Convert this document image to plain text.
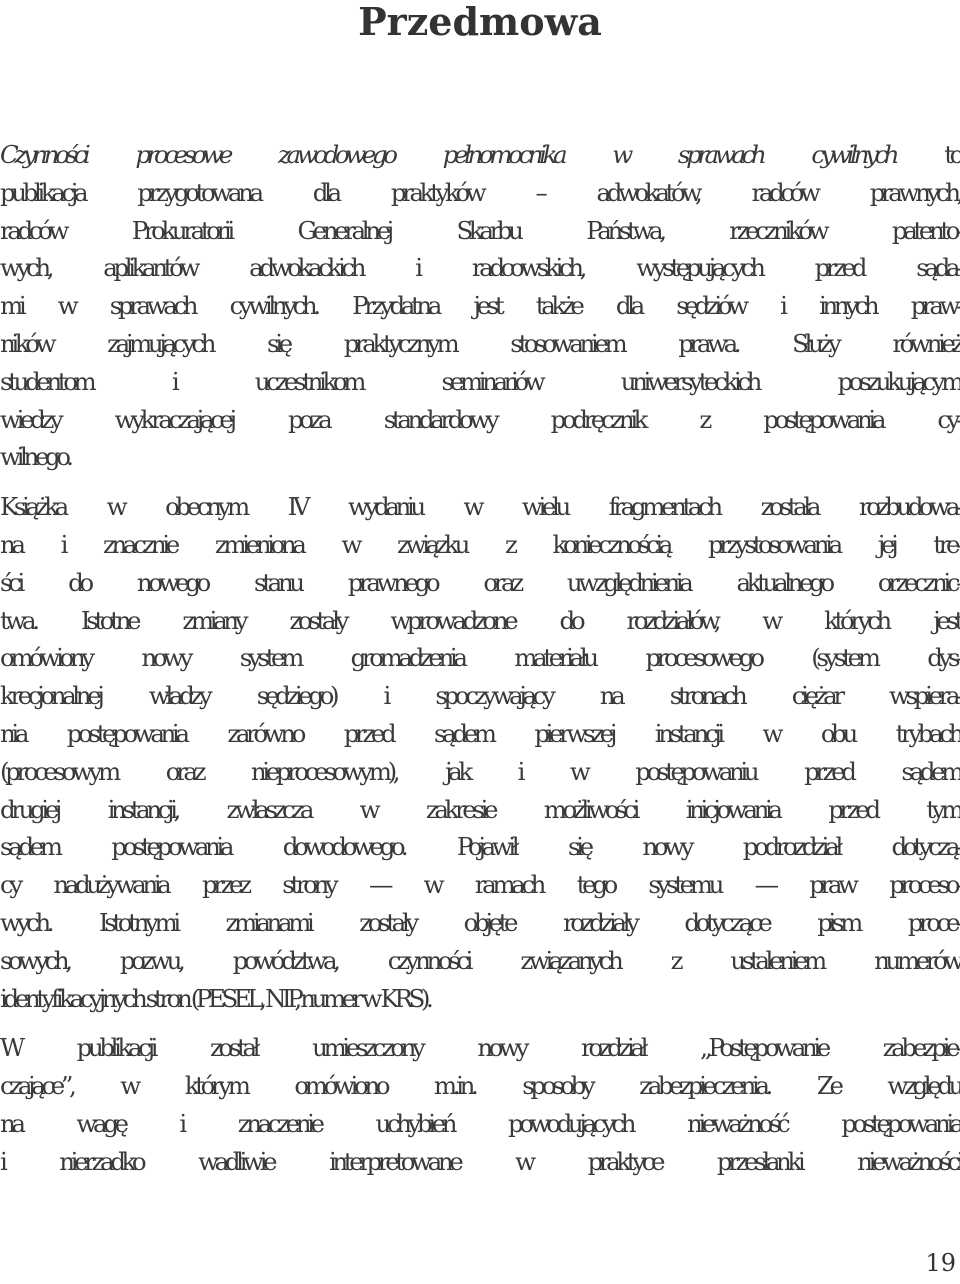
Przedmowa

Czynności procesowe zawodowego pełnomocnika w sprawach cywilnych to
publikacja przygotowana dla praktyków – adwokatów, radców prawnych,
radców Prokuratorii Generalnej Skarbu Państwa, rzeczników patento-
wych, aplikantów adwokackich i radcowskich, występujących przed sąda-
mi w sprawach cywilnych. Przydatna jest także dla sędziów i innych praw-
ników zajmujących się praktycznym stosowaniem prawa. Służy również
studentom i uczestnikom seminariów uniwersyteckich poszukującym
wiedzy wykraczającej poza standardowy podręcznik z postępowania cy-
wilnego.

Książka w obecnym IV wydaniu w wielu fragmentach została rozbudowa-
na i znacznie zmieniona w związku z koniecznością przystosowania jej tre-
ści do nowego stanu prawnego oraz uwzględnienia aktualnego orzecznic-
twa. Istotne zmiany zostały wprowadzone do rozdziałów, w których jest
omówiony nowy system gromadzenia materiału procesowego (system dys-
krecjonalnej władzy sędziego) i spoczywający na stronach ciężar wspiera-
nia postępowania zarówno przed sądem pierwszej instancji w obu trybach
(procesowym oraz nieprocesowym), jak i w postępowaniu przed sądem
drugiej instancji, zwłaszcza w zakresie możliwości inicjowania przed tym
sądem postępowania dowodowego. Pojawił się nowy podrozdział dotyczą-
cy nadużywania przez strony — w ramach tego systemu — praw proceso-
wych. Istotnymi zmianami zostały objęte rozdziały dotyczące pism proce-
sowych, pozwu, powództwa, czynności związanych z ustaleniem numerów
identyfikacyjnych stron (PESEL, NIP, numer w KRS).

W publikacji został umieszczony nowy rozdział „Postępowanie zabezpie-
czające”, w którym omówiono m.in. sposoby zabezpieczenia. Ze względu
na wagę i znaczenie uchybień powodujących nieważność postępowania
i nierzadko wadliwie interpretowane w praktyce przesłanki nieważności

19
